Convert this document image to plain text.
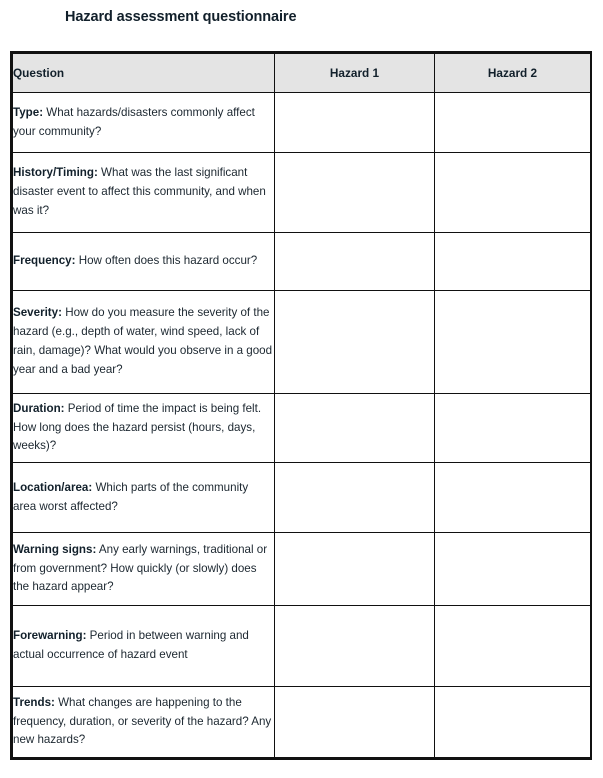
Hazard assessment questionnaire
Question	Hazard 1	Hazard 2
Type: What hazards/disasters commonly affect your community?		
History/Timing: What was the last significant disaster event to affect this community, and when was it?		
Frequency: How often does this hazard occur?		
Severity: How do you measure the severity of the hazard (e.g., depth of water, wind speed, lack of rain, damage)? What would you observe in a good year and a bad year?		
Duration: Period of time the impact is being felt. How long does the hazard persist (hours, days, weeks)?		
Location/area: Which parts of the community area worst affected?		
Warning signs: Any early warnings, traditional or from government? How quickly (or slowly) does the hazard appear?		
Forewarning: Period in between warning and actual occurrence of hazard event		
Trends: What changes are happening to the frequency, duration, or severity of the hazard? Any new hazards?		
